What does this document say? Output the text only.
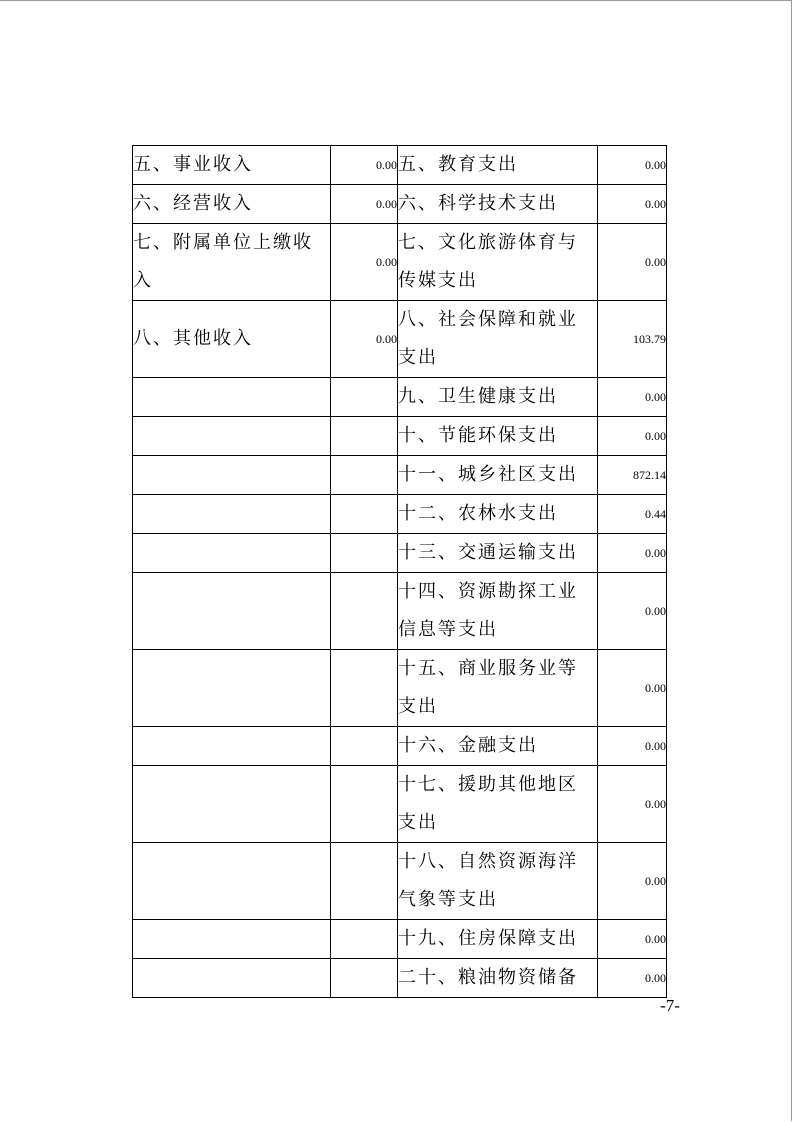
五、事业收入	0.00	五、教育支出	0.00
六、经营收入	0.00	六、科学技术支出	0.00
七、附属单位上缴收入	0.00	七、文化旅游体育与传媒支出	0.00
八、其他收入	0.00	八、社会保障和就业支出	103.79
		九、卫生健康支出	0.00
		十、节能环保支出	0.00
		十一、城乡社区支出	872.14
		十二、农林水支出	0.44
		十三、交通运输支出	0.00
		十四、资源勘探工业信息等支出	0.00
		十五、商业服务业等支出	0.00
		十六、金融支出	0.00
		十七、援助其他地区支出	0.00
		十八、自然资源海洋气象等支出	0.00
		十九、住房保障支出	0.00
		二十、粮油物资储备	0.00
-7-
